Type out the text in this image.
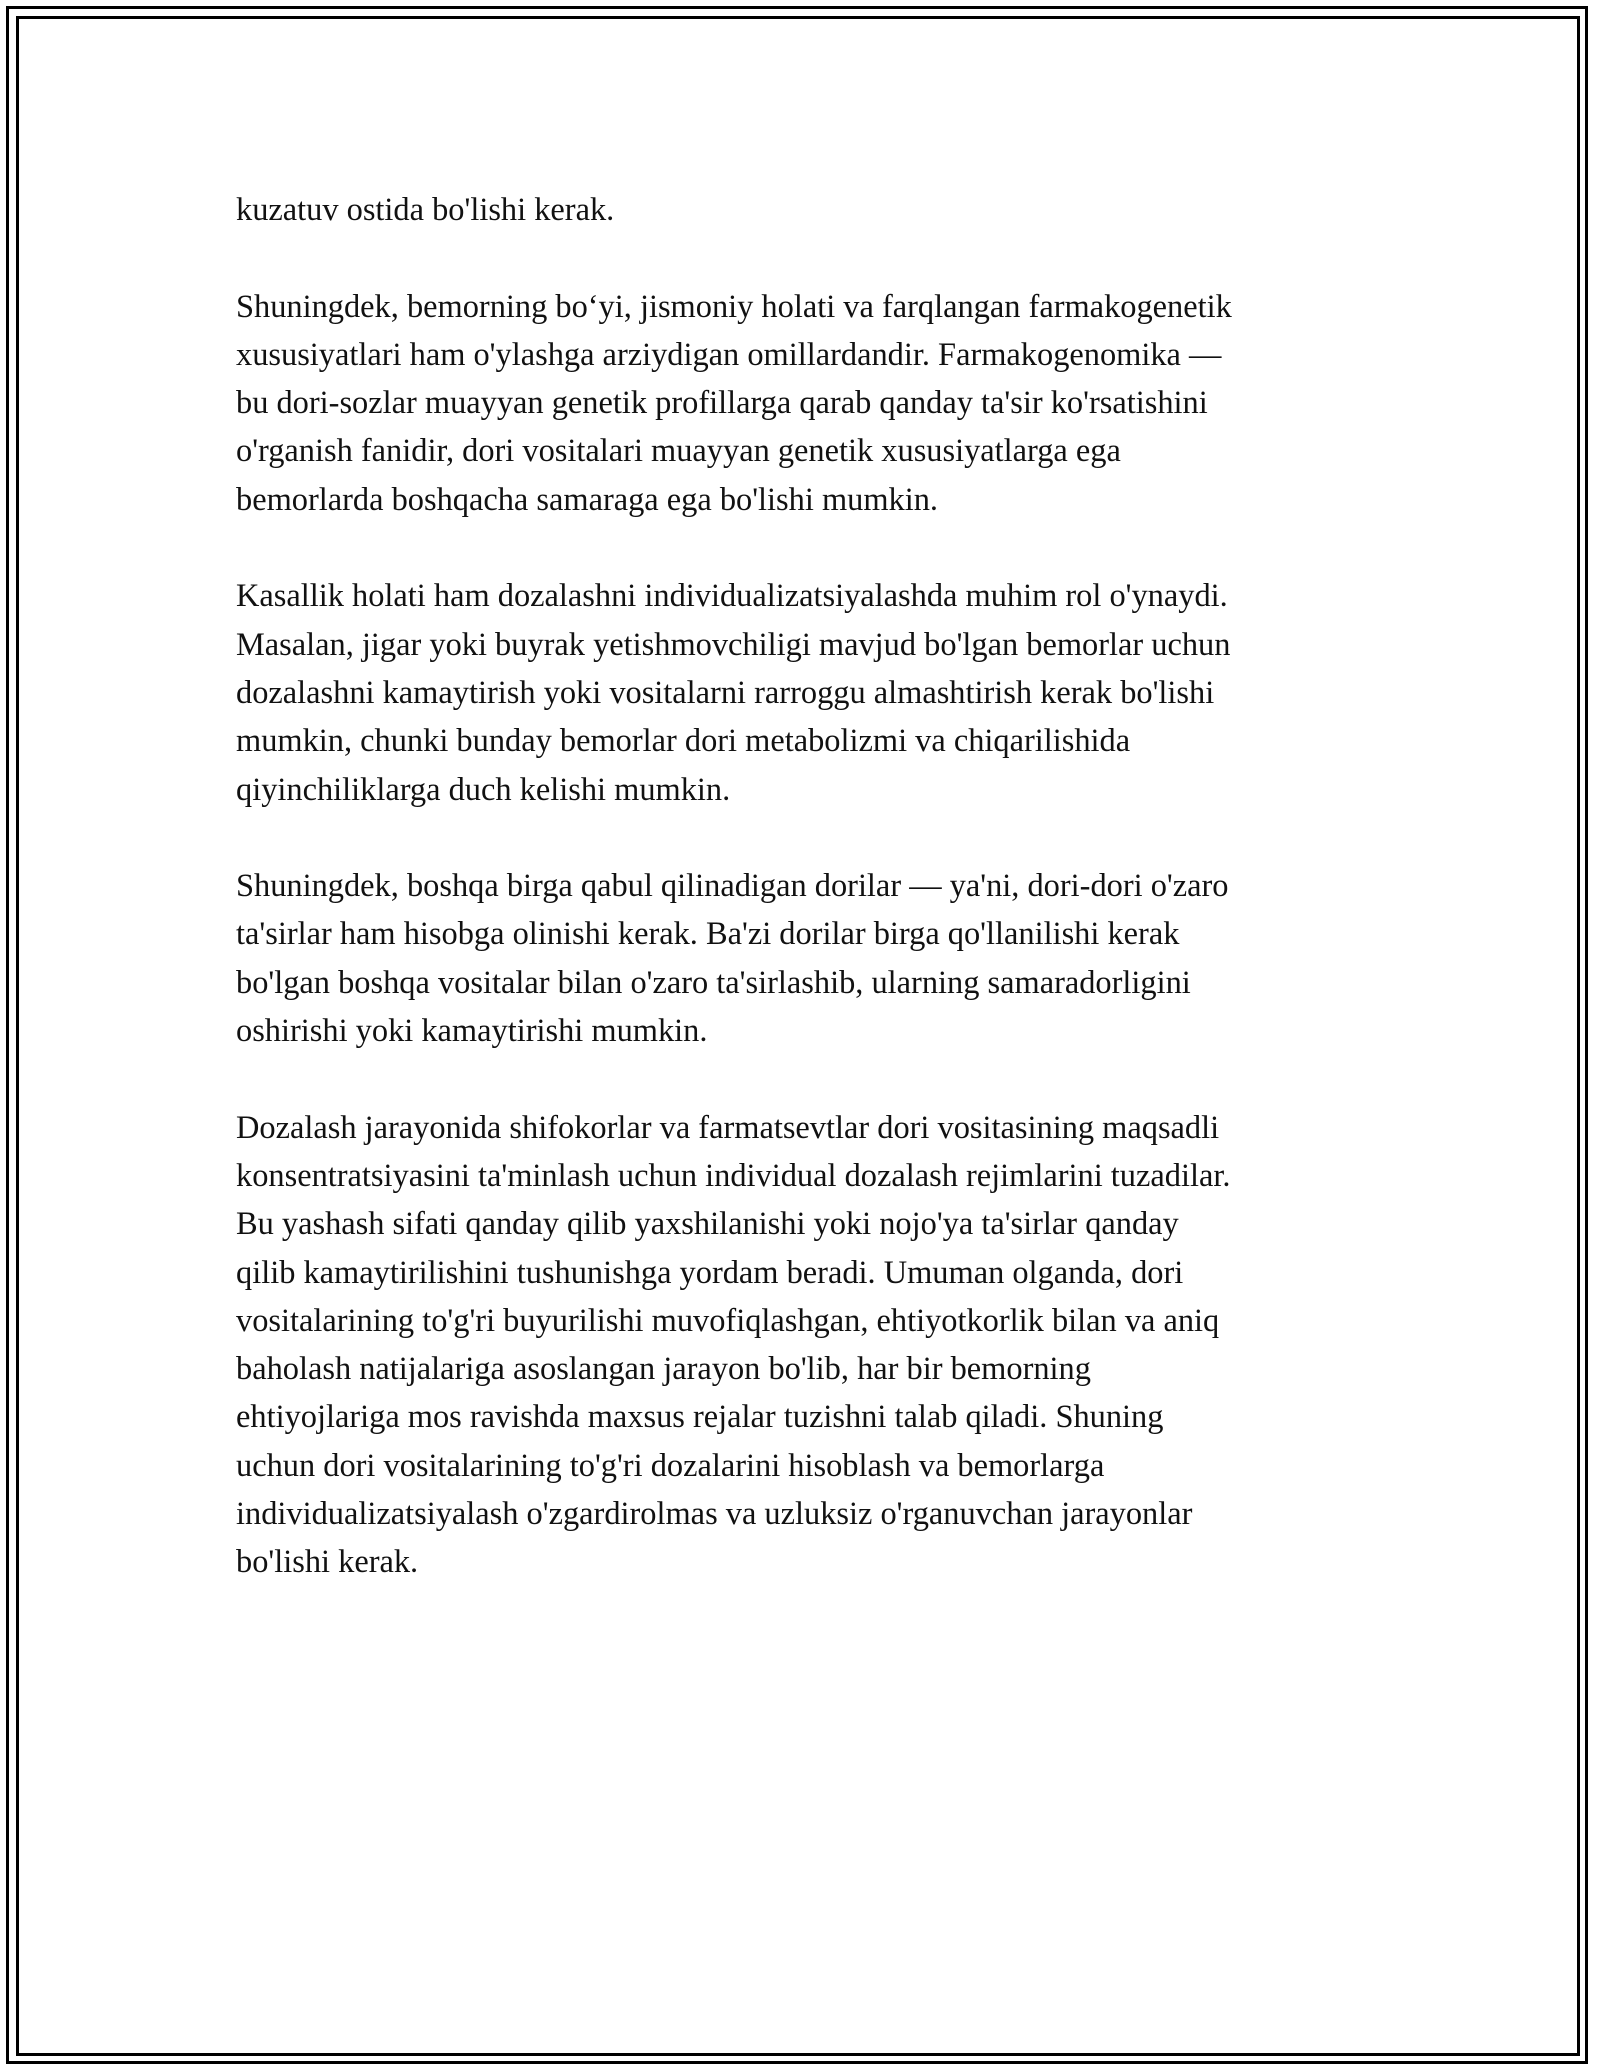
kuzatuv ostida bo'lishi kerak.

Shuningdek, bemorning bo‘yi, jismoniy holati va farqlangan farmakogenetik
xususiyatlari ham o'ylashga arziydigan omillardandir. Farmakogenomika —
bu dori-sozlar muayyan genetik profillarga qarab qanday ta'sir ko'rsatishini
o'rganish fanidir, dori vositalari muayyan genetik xususiyatlarga ega
bemorlarda boshqacha samaraga ega bo'lishi mumkin.

Kasallik holati ham dozalashni individualizatsiyalashda muhim rol o'ynaydi.
Masalan, jigar yoki buyrak yetishmovchiligi mavjud bo'lgan bemorlar uchun
dozalashni kamaytirish yoki vositalarni rarroggu almashtirish kerak bo'lishi
mumkin, chunki bunday bemorlar dori metabolizmi va chiqarilishida
qiyinchiliklarga duch kelishi mumkin.

Shuningdek, boshqa birga qabul qilinadigan dorilar — ya'ni, dori-dori o'zaro
ta'sirlar ham hisobga olinishi kerak. Ba'zi dorilar birga qo'llanilishi kerak
bo'lgan boshqa vositalar bilan o'zaro ta'sirlashib, ularning samaradorligini
oshirishi yoki kamaytirishi mumkin.

Dozalash jarayonida shifokorlar va farmatsevtlar dori vositasining maqsadli
konsentratsiyasini ta'minlash uchun individual dozalash rejimlarini tuzadilar.
Bu yashash sifati qanday qilib yaxshilanishi yoki nojo'ya ta'sirlar qanday
qilib kamaytirilishini tushunishga yordam beradi. Umuman olganda, dori
vositalarining to'g'ri buyurilishi muvofiqlashgan, ehtiyotkorlik bilan va aniq
baholash natijalariga asoslangan jarayon bo'lib, har bir bemorning
ehtiyojlariga mos ravishda maxsus rejalar tuzishni talab qiladi. Shuning
uchun dori vositalarining to'g'ri dozalarini hisoblash va bemorlarga
individualizatsiyalash o'zgardirolmas va uzluksiz o'rganuvchan jarayonlar
bo'lishi kerak.
